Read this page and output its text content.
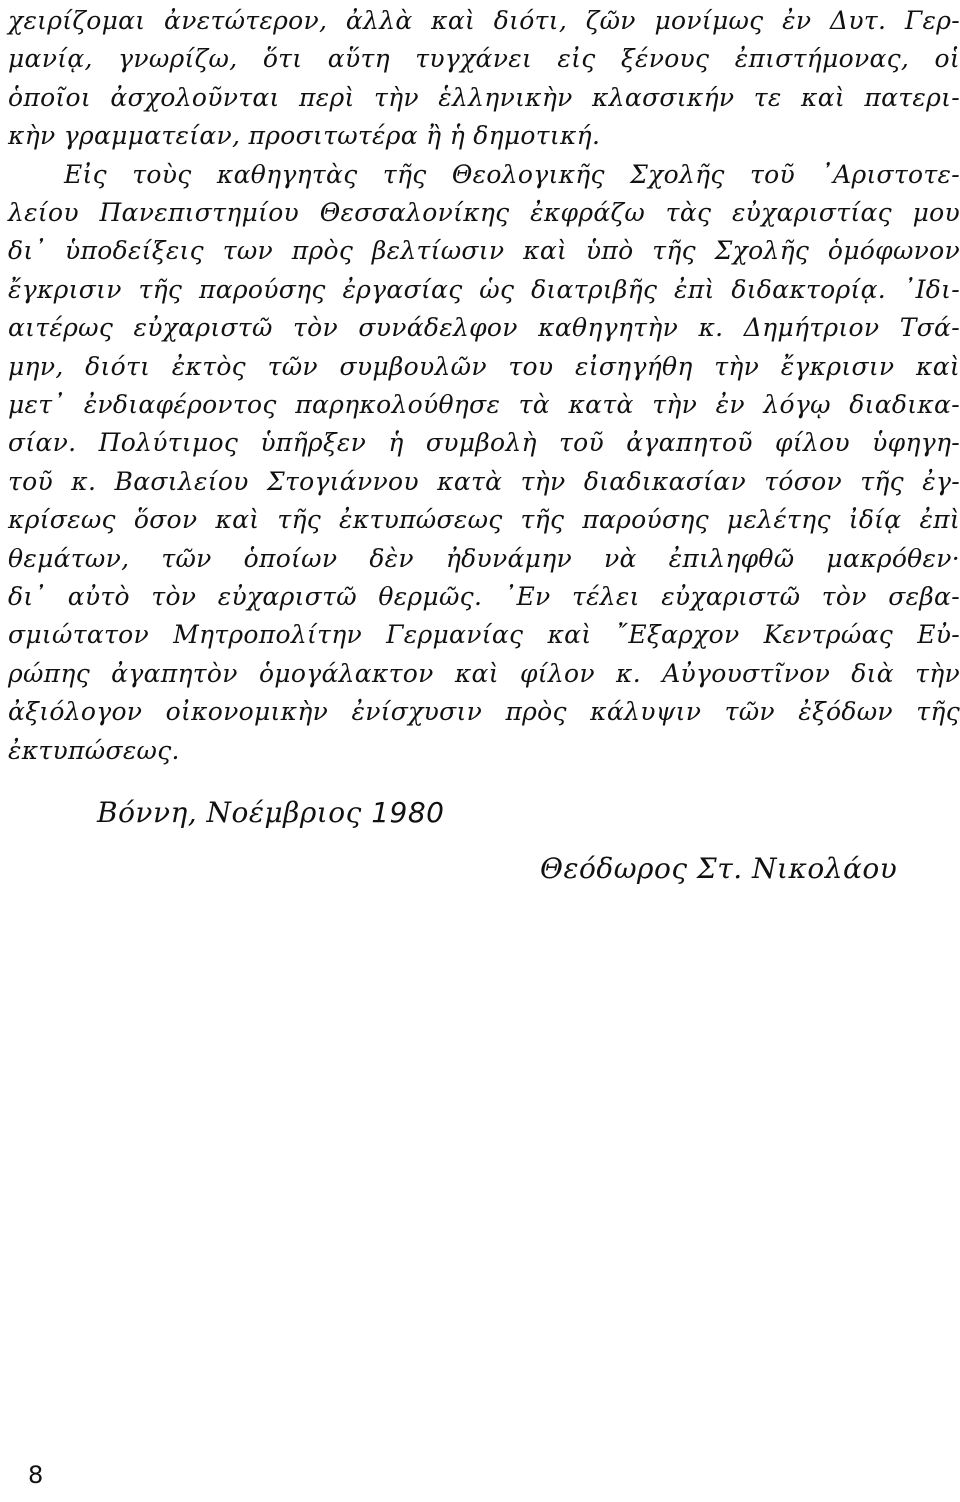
χειρίζομαι ἀνετώτερον, ἀλλὰ καὶ διότι, ζῶν μονίμως ἐν Δυτ. Γερ-
μανίᾳ, γνωρίζω, ὅτι αὕτη τυγχάνει εἰς ξένους ἐπιστήμονας, οἱ
ὁποῖοι ἀσχολοῦνται περὶ τὴν ἑλληνικὴν κλασσικήν τε καὶ πατερι-
κὴν γραμματείαν, προσιτωτέρα ἢ ἡ δημοτική.
Εἰς τοὺς καθηγητὰς τῆς Θεολογικῆς Σχολῆς τοῦ ᾿Αριστοτε-
λείου Πανεπιστημίου Θεσσαλονίκης ἐκφράζω τὰς εὐχαριστίας μου
δι᾿ ὑποδείξεις των πρὸς βελτίωσιν καὶ ὑπὸ τῆς Σχολῆς ὁμόφωνον
ἔγκρισιν τῆς παρούσης ἐργασίας ὡς διατριβῆς ἐπὶ διδακτορίᾳ. ᾿Ιδι-
αιτέρως εὐχαριστῶ τὸν συνάδελφον καθηγητὴν κ. Δημήτριον Τσά-
μην, διότι ἐκτὸς τῶν συμβουλῶν του εἰσηγήθη τὴν ἔγκρισιν καὶ
μετ᾿ ἐνδιαφέροντος παρηκολούθησε τὰ κατὰ τὴν ἐν λόγῳ διαδικα-
σίαν. Πολύτιμος ὑπῆρξεν ἡ συμβολὴ τοῦ ἀγαπητοῦ φίλου ὑφηγη-
τοῦ κ. Βασιλείου Στογιάννου κατὰ τὴν διαδικασίαν τόσον τῆς ἐγ-
κρίσεως ὅσον καὶ τῆς ἐκτυπώσεως τῆς παρούσης μελέτης ἰδίᾳ ἐπὶ
θεμάτων, τῶν ὁποίων δὲν ἠδυνάμην νὰ ἐπιληφθῶ μακρόθεν·
δι᾿ αὐτὸ τὸν εὐχαριστῶ θερμῶς. ᾿Εν τέλει εὐχαριστῶ τὸν σεβα-
σμιώτατον Μητροπολίτην Γερμανίας καὶ ῎Εξαρχον Κεντρώας Εὐ-
ρώπης ἀγαπητὸν ὁμογάλακτον καὶ φίλον κ. Αὐγουστῖνον διὰ τὴν
ἀξιόλογον οἰκονομικὴν ἐνίσχυσιν πρὸς κάλυψιν τῶν ἐξόδων τῆς
ἐκτυπώσεως.
Βόννη, Νοέμβριος 1980
Θεόδωρος Στ. Νικολάου
8
